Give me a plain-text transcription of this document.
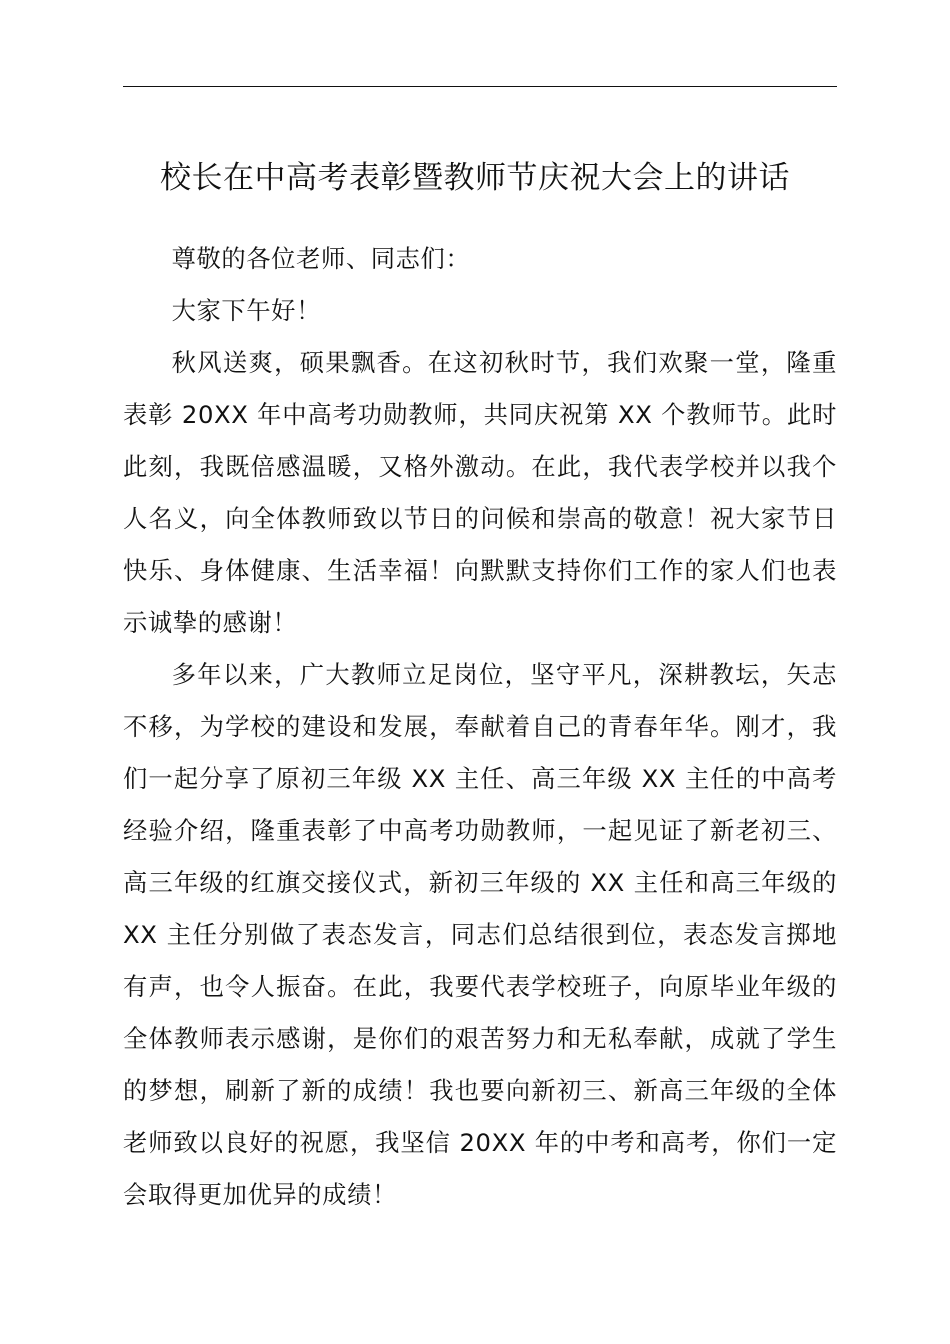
校长在中高考表彰暨教师节庆祝大会上的讲话

尊敬的各位老师、同志们：

大家下午好！

秋风送爽，硕果飘香。在这初秋时节，我们欢聚一堂，隆重表彰 20XX 年中高考功勋教师，共同庆祝第 XX 个教师节。此时此刻，我既倍感温暖，又格外激动。在此，我代表学校并以我个人名义，向全体教师致以节日的问候和崇高的敬意！祝大家节日快乐、身体健康、生活幸福！向默默支持你们工作的家人们也表示诚挚的感谢！

多年以来，广大教师立足岗位，坚守平凡，深耕教坛，矢志不移，为学校的建设和发展，奉献着自己的青春年华。刚才，我们一起分享了原初三年级 XX 主任、高三年级 XX 主任的中高考经验介绍，隆重表彰了中高考功勋教师，一起见证了新老初三、高三年级的红旗交接仪式，新初三年级的 XX 主任和高三年级的 XX 主任分别做了表态发言，同志们总结很到位，表态发言掷地有声，也令人振奋。在此，我要代表学校班子，向原毕业年级的全体教师表示感谢，是你们的艰苦努力和无私奉献，成就了学生的梦想，刷新了新的成绩！我也要向新初三、新高三年级的全体老师致以良好的祝愿，我坚信 20XX 年的中考和高考，你们一定会取得更加优异的成绩！
